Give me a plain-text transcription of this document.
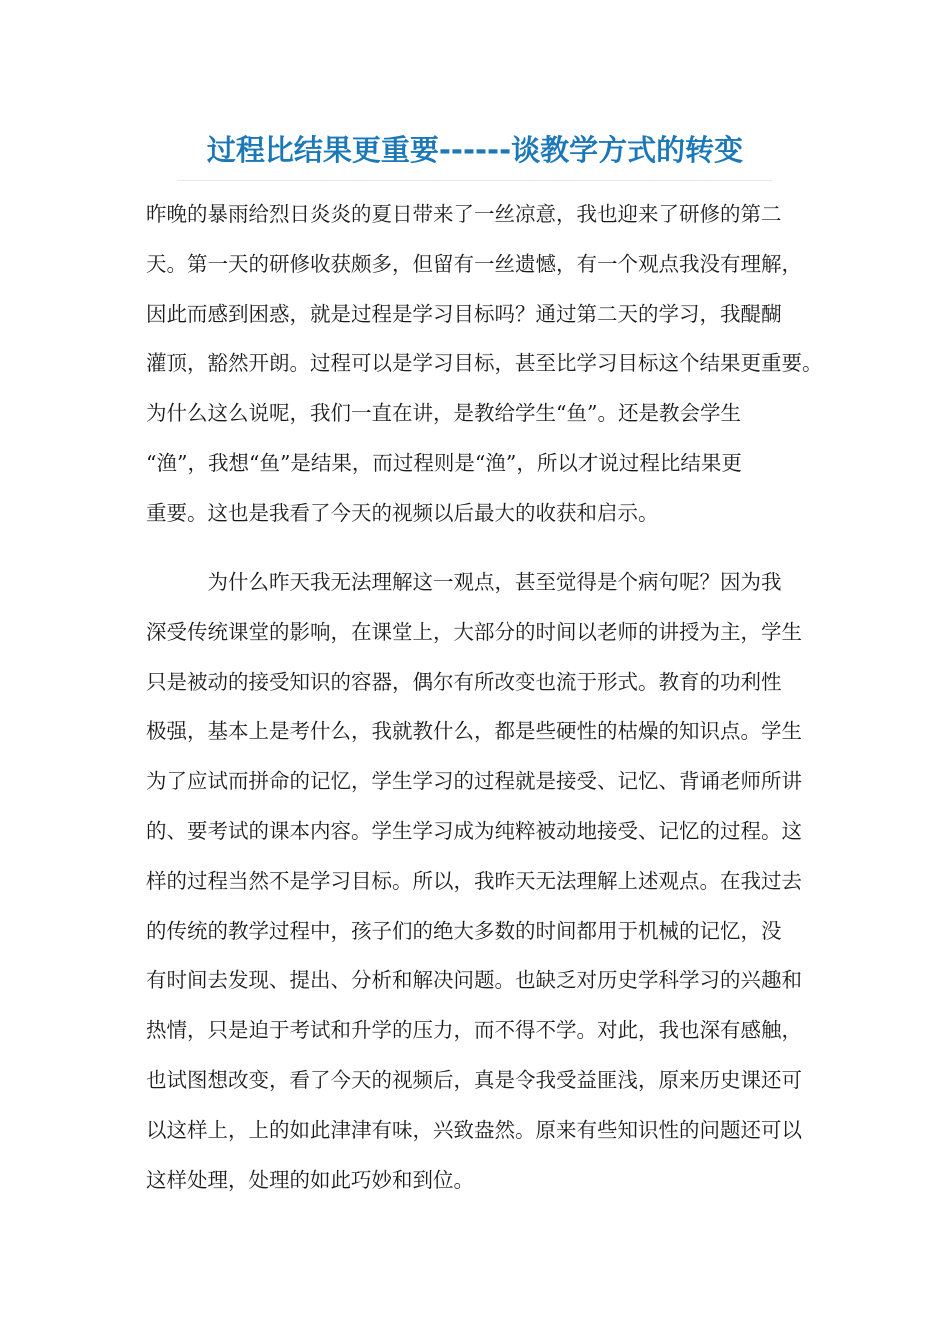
过程比结果更重要------谈教学方式的转变
昨晚的暴雨给烈日炎炎的夏日带来了一丝凉意，我也迎来了研修的第二
天。第一天的研修收获颇多，但留有一丝遗憾，有一个观点我没有理解，
因此而感到困惑，就是过程是学习目标吗？通过第二天的学习，我醍醐
灌顶，豁然开朗。过程可以是学习目标，甚至比学习目标这个结果更重要。
为什么这么说呢，我们一直在讲，是教给学生“鱼”。还是教会学生
“渔”，我想“鱼”是结果，而过程则是“渔”，所以才说过程比结果更
重要。这也是我看了今天的视频以后最大的收获和启示。
　　　为什么昨天我无法理解这一观点，甚至觉得是个病句呢？因为我
深受传统课堂的影响，在课堂上，大部分的时间以老师的讲授为主，学生
只是被动的接受知识的容器，偶尔有所改变也流于形式。教育的功利性
极强，基本上是考什么，我就教什么，都是些硬性的枯燥的知识点。学生
为了应试而拼命的记忆，学生学习的过程就是接受、记忆、背诵老师所讲
的、要考试的课本内容。学生学习成为纯粹被动地接受、记忆的过程。这
样的过程当然不是学习目标。所以，我昨天无法理解上述观点。在我过去
的传统的教学过程中，孩子们的绝大多数的时间都用于机械的记忆，没
有时间去发现、提出、分析和解决问题。也缺乏对历史学科学习的兴趣和
热情，只是迫于考试和升学的压力，而不得不学。对此，我也深有感触，
也试图想改变，看了今天的视频后，真是令我受益匪浅，原来历史课还可
以这样上，上的如此津津有味，兴致盎然。原来有些知识性的问题还可以
这样处理，处理的如此巧妙和到位。
